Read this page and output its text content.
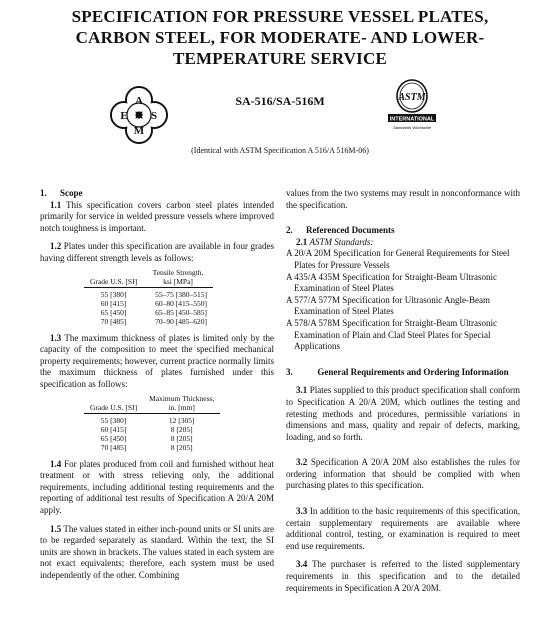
SPECIFICATION FOR PRESSURE VESSEL PLATES,
CARBON STEEL, FOR MODERATE- AND LOWER-
TEMPERATURE SERVICE
A
E S
M
SA-516/SA-516M	ASTM
INTERNATIONAL
Standards Worldwide
(Identical with ASTM Specification A 516/A 516M-06)

1. Scope

1.1 This specification covers carbon steel plates intended primarily for service in welded pressure vessels where improved notch toughness is important.

1.2 Plates under this specification are available in four grades having different strength levels as follows:

Grade U.S. [SI]	Tensile Strength,
ksi [MPa]

55 [380]	55–75 [380–515]
60 [415]	60–80 [415–550]
65 [450]	65–85 [450–585]
70 [485]	70–90 [485–620]

1.3 The maximum thickness of plates is limited only by the capacity of the composition to meet the specified mechanical property requirements; however, current practice normally limits the maximum thickness of plates furnished under this specification as follows:

Grade U.S. [SI]	Maximum Thickness,
in. [mm]

55 [380]	12 [305]
60 [415]	8 [205]
65 [450]	8 [205]
70 [485]	8 [205]

1.4 For plates produced from coil and furnished without heat treatment or with stress relieving only, the additional requirements, including additional testing requirements and the reporting of additional test results of Specification A 20/A 20M apply.

1.5 The values stated in either inch-pound units or SI units are to be regarded separately as standard. Within the text, the SI units are shown in brackets. The values stated in each system are not exact equivalents; therefore, each system must be used independently of the other. Combining

values from the two systems may result in nonconformance with the specification.

2. Referenced Documents

2.1 ASTM Standards:

A 20/A 20M Specification for General Requirements for Steel Plates for Pressure Vessels

A 435/A 435M Specification for Straight-Beam Ultrasonic Examination of Steel Plates

A 577/A 577M Specification for Ultrasonic Angle-Beam Examination of Steel Plates

A 578/A 578M Specification for Straight-Beam Ultrasonic Examination of Plain and Clad Steel Plates for Special Applications

3.	General Requirements and Ordering Information

3.1 Plates supplied to this product specification shall conform to Specification A 20/A 20M, which outlines the testing and retesting methods and procedures, permissible variations in dimensions and mass, quality and repair of defects, marking, loading, and so forth.

3.2 Specification A 20/A 20M also establishes the rules for ordering information that should be complied with when purchasing plates to this specification.

3.3 In addition to the basic requirements of this specification, certain supplementary requirements are available where additional control, testing, or examination is required to meet end use requirements.

3.4 The purchaser is referred to the listed supplementary requirements in this specification and to the detailed requirements in Specification A 20/A 20M.
